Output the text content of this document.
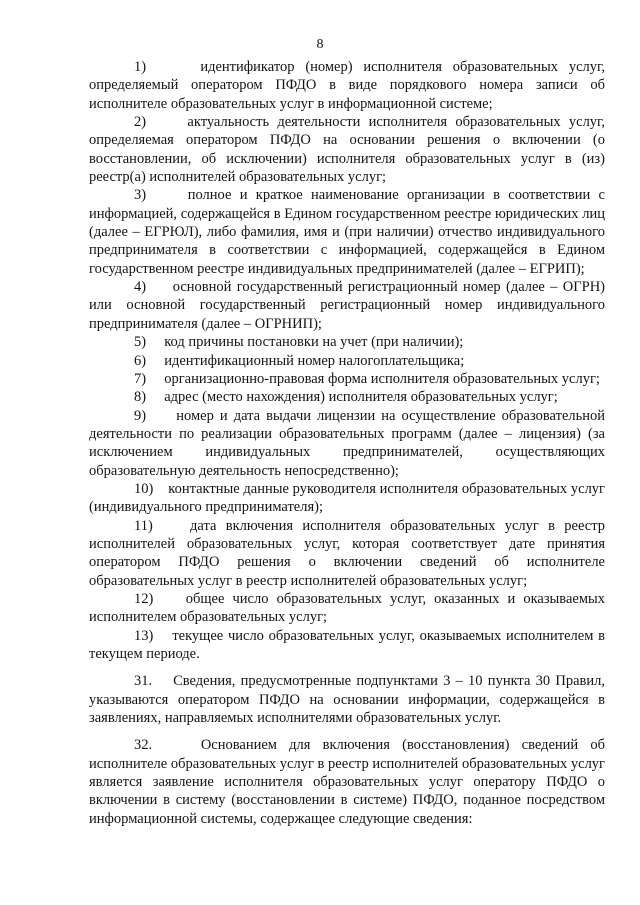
8

1)     идентификатор (номер) исполнителя образовательных услуг, определяемый оператором ПФДО в виде порядкового номера записи об исполнителе образовательных услуг в информационной системе;

2)     актуальность деятельности исполнителя образовательных услуг, определяемая оператором ПФДО на основании решения о включении (о восстановлении, об исключении) исполнителя образовательных услуг в (из) реестр(а) исполнителей образовательных услуг;

3)     полное и краткое наименование организации в соответствии с информацией, содержащейся в Едином государственном реестре юридических лиц (далее – ЕГРЮЛ), либо фамилия, имя и (при наличии) отчество индивидуального предпринимателя в соответствии с информацией, содержащейся в Едином государственном реестре индивидуальных предпринимателей (далее – ЕГРИП);

4)     основной государственный регистрационный номер (далее – ОГРН) или основной государственный регистрационный номер индивидуального предпринимателя (далее – ОГРНИП);

5)     код причины постановки на учет (при наличии);

6)     идентификационный номер налогоплательщика;

7)     организационно-правовая форма исполнителя образовательных услуг;

8)     адрес (место нахождения) исполнителя образовательных услуг;

9)     номер и дата выдачи лицензии на осуществление образовательной деятельности по реализации образовательных программ (далее – лицензия) (за исключением индивидуальных предпринимателей, осуществляющих образовательную деятельность непосредственно);

10)    контактные данные руководителя исполнителя образовательных услуг (индивидуального предпринимателя);

11)    дата включения исполнителя образовательных услуг в реестр исполнителей образовательных услуг, которая соответствует дате принятия оператором ПФДО решения о включении сведений об исполнителе образовательных услуг в реестр исполнителей образовательных услуг;

12)    общее число образовательных услуг, оказанных и оказываемых исполнителем образовательных услуг;

13)    текущее число образовательных услуг, оказываемых исполнителем в текущем периоде.

31.    Сведения, предусмотренные подпунктами 3 – 10 пункта 30 Правил, указываются оператором ПФДО на основании информации, содержащейся в заявлениях, направляемых исполнителями образовательных услуг.

32.    Основанием для включения (восстановления) сведений об исполнителе образовательных услуг в реестр исполнителей образовательных услуг является заявление исполнителя образовательных услуг оператору ПФДО о включении в систему (восстановлении в системе) ПФДО, поданное посредством информационной системы, содержащее следующие сведения:
